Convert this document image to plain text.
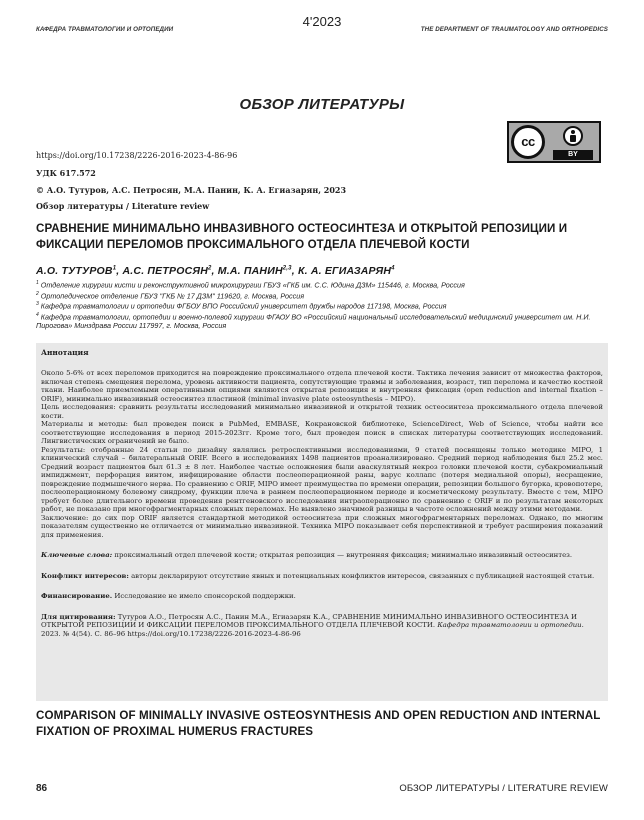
КАФЕДРА ТРАВМАТОЛОГИИ И ОРТОПЕДИИ
4'2023
THE DEPARTMENT OF TRAUMATOLOGY AND ORTHOPEDICS
ОБЗОР ЛИТЕРАТУРЫ
cc
BY
https://doi.org/10.17238/2226-2016-2023-4-86-96
УДК 617.572
© А.О. Тутуров, А.С. Петросян, М.А. Панин, К. А. Егиазарян, 2023
Обзор литературы / Literature review
СРАВНЕНИЕ МИНИМАЛЬНО ИНВАЗИВНОГО ОСТЕОСИНТЕЗА И ОТКРЫТОЙ РЕПОЗИЦИИ И ФИКСАЦИИ ПЕРЕЛОМОВ ПРОКСИМАЛЬНОГО ОТДЕЛА ПЛЕЧЕВОЙ КОСТИ
А.О. ТУТУРОВ$^1$, А.С. ПЕТРОСЯН$^2$, М.А. ПАНИН$^{2,3}$, К. А. ЕГИАЗАРЯН$^4$
$^1$ Отделение хирургии кисти и реконструктивной микрохирургии ГБУЗ «ГКБ им. С.С. Юдина ДЗМ» 115446, г. Москва, Россия
$^2$ Ортопедическое отделение ГБУЗ "ГКБ № 17 ДЗМ" 119620, г. Москва, Россия
$^3$ Кафедра травматологии и ортопедии ФГБОУ ВПО Российский университет дружбы народов 117198, Москва, Россия
$^4$ Кафедра травматологии, ортопедии и военно-полевой хирургии ФГАОУ ВО «Российский национальный исследовательский медицинский университет им. Н.И. Пирогова» Минздрава России 117997, г. Москва, Россия
Аннотация

Около 5-6% от всех переломов приходится на повреждение проксимального отдела плечевой кости. Тактика лечения зависит от множества факторов, включая степень смещения перелома, уровень активности пациента, сопутствующие травмы и заболевания, возраст, тип перелома и качество костной ткани. Наиболее приемлемыми оперативными опциями являются открытая репозиция и внутренняя фиксация (open reduction and internal fixation – ORIF), минимально инвазивный остеосинтез пластиной (minimal invasive plate osteosynthesis – MIPO).

Цель исследования: сравнить результаты исследований минимально инвазивной и открытой техник остеосинтеза проксимального отдела плечевой кости.

Материалы и методы: был проведен поиск в PubMed, EMBASE, Кокрановской библиотеке, ScienceDirect, Web of Science, чтобы найти все соответствующие исследования в период 2015-2023гг. Кроме того, был проведен поиск в списках литературы соответствующих исследований. Лингвистических ограничений не было.

Результаты: отобранные 24 статьи по дизайну являлись ретроспективными исследованиями, 9 статей посвящены только методике MIPO, 1 клинический случай – билатеральный ORIF. Всего в исследованиях 1498 пациентов проанализировано. Средний период наблюдения был 25.2 мес. Средний возраст пациентов был 61.3 ± 8 лет. Наиболее частые осложнения были аваскулятный некроз головки плечевой кости, субакромиальный импиджмент, перфорация винтом, инфицирование области послеоперационной раны, варус коллапс (потеря медиальной опоры), несращение, повреждение подмышечного нерва. По сравнению с ORIF, MIPO имеет преимущества по времени операции, репозиции большого бугорка, кровопотере, послеоперационному болевому синдрому, функции плеча в раннем послеоперационном периоде и косметическому результату. Вместе с тем, MIPO требует более длительного времени проведения рентгеновского исследования интраоперационно по сравнению с ORIF и по результатам некоторых работ, не показано при многофрагментарных сложных переломах. Не выявлено значимой разницы в частоте осложнений между этими методами.

Заключение: до сих пор ORIF является стандартной методикой остеосинтеза при сложных многофрагментарных переломах. Однако, по многим показателям существенно не отличается от минимально инвазивной. Техника MIPO показывает себя перспективной и требует расширения показаний для применения.

Ключевые слова: проксимальный отдел плечевой кости; открытая репозиция — внутренняя фиксация; минимально инвазивный остеосинтез.
Конфликт интересов: авторы декларируют отсутствие явных и потенциальных конфликтов интересов, связанных с публикацией настоящей статьи.
Финансирование. Исследование не имело спонсорской поддержки.
Для цитирования: Тутуров А.О., Петросян А.С., Панин М.А., Егиазарян К.А., СРАВНЕНИЕ МИНИМАЛЬНО ИНВАЗИВНОГО ОСТЕОСИНТЕЗА И ОТКРЫТОЙ РЕПОЗИЦИИ И ФИКСАЦИИ ПЕРЕЛОМОВ ПРОКСИМАЛЬНОГО ОТДЕЛА ПЛЕЧЕВОЙ КОСТИ. Кафедра травматологии и ортопедии. 2023. № 4(54). С. 86–96 https://doi.org/10.17238/2226-2016-2023-4-86-96
COMPARISON OF MINIMALLY INVASIVE OSTEOSYNTHESIS AND OPEN REDUCTION AND INTERNAL FIXATION OF PROXIMAL HUMERUS FRACTURES
86	ОБЗОР ЛИТЕРАТУРЫ / LITERATURE REVIEW
